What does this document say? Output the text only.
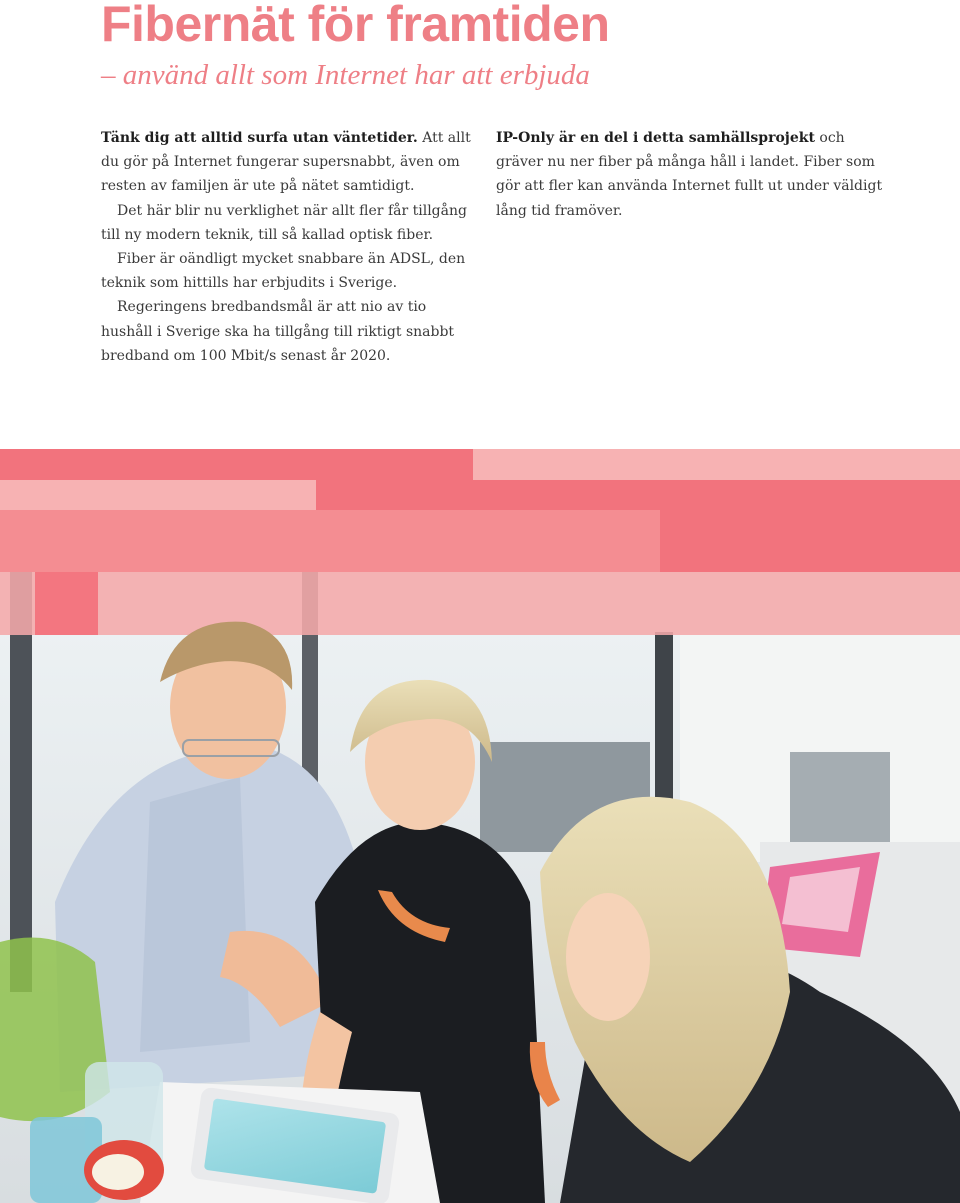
Fibernät för framtiden
– använd allt som Internet har att erbjuda

Tänk dig att alltid surfa utan väntetider. Att allt du gör på Internet fungerar supersnabbt, även om resten av familjen är ute på nätet samtidigt.

Det här blir nu verklighet när allt fler får tillgång till ny modern teknik, till så kallad optisk fiber.

Fiber är oändligt mycket snabbare än ADSL, den teknik som hittills har erbjudits i Sverige.

Regeringens bredbandsmål är att nio av tio hushåll i Sverige ska ha tillgång till riktigt snabbt bredband om 100 Mbit/s senast år 2020.

IP-Only är en del i detta samhällsprojekt och gräver nu ner fiber på många håll i landet. Fiber som gör att fler kan använda Internet fullt ut under väldigt lång tid framöver.
